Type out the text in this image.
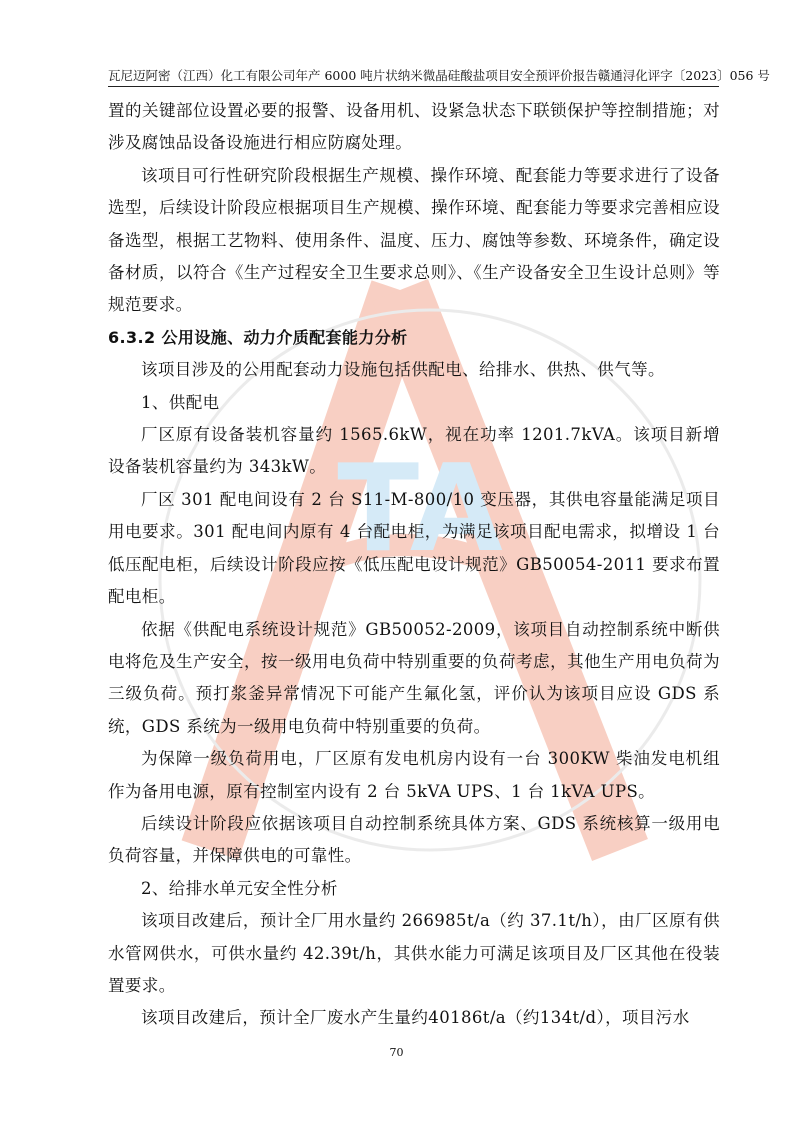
瓦尼迈阿密（江西）化工有限公司年产 6000 吨片状纳米微晶硅酸盐项目安全预评价报告 赣通浔化评字〔2023〕056 号
TA

置的关键部位设置必要的报警、设备用机、设紧急状态下联锁保护等控制措施；对涉及腐蚀品设备设施进行相应防腐处理。

该项目可行性研究阶段根据生产规模、操作环境、配套能力等要求进行了设备选型，后续设计阶段应根据项目生产规模、操作环境、配套能力等要求完善相应设备选型，根据工艺物料、使用条件、温度、压力、腐蚀等参数、环境条件，确定设备材质，以符合《生产过程安全卫生要求总则》、《生产设备安全卫生设计总则》等规范要求。

6.3.2 公用设施、动力介质配套能力分析

该项目涉及的公用配套动力设施包括供配电、给排水、供热、供气等。

1、供配电

厂区原有设备装机容量约 1565.6kW，视在功率 1201.7kVA。该项目新增设备装机容量约为 343kW。

厂区 301 配电间设有 2 台 S11-M-800/10 变压器，其供电容量能满足项目用电要求。301 配电间内原有 4 台配电柜，为满足该项目配电需求，拟增设 1 台低压配电柜，后续设计阶段应按《低压配电设计规范》GB50054-2011 要求布置配电柜。

依据《供配电系统设计规范》GB50052-2009，该项目自动控制系统中断供电将危及生产安全，按一级用电负荷中特别重要的负荷考虑，其他生产用电负荷为三级负荷。预打浆釜异常情况下可能产生氟化氢，评价认为该项目应设 GDS 系统，GDS 系统为一级用电负荷中特别重要的负荷。

为保障一级负荷用电，厂区原有发电机房内设有一台 300KW 柴油发电机组作为备用电源，原有控制室内设有 2 台 5kVA UPS、1 台 1kVA UPS。

后续设计阶段应依据该项目自动控制系统具体方案、GDS 系统核算一级用电负荷容量，并保障供电的可靠性。

2、给排水单元安全性分析

该项目改建后，预计全厂用水量约 266985t/a（约 37.1t/h），由厂区原有供水管网供水，可供水量约 42.39t/h，其供水能力可满足该项目及厂区其他在役装置要求。

该项目改建后，预计全厂废水产生量约40186t/a（约134t/d），项目污水

70
